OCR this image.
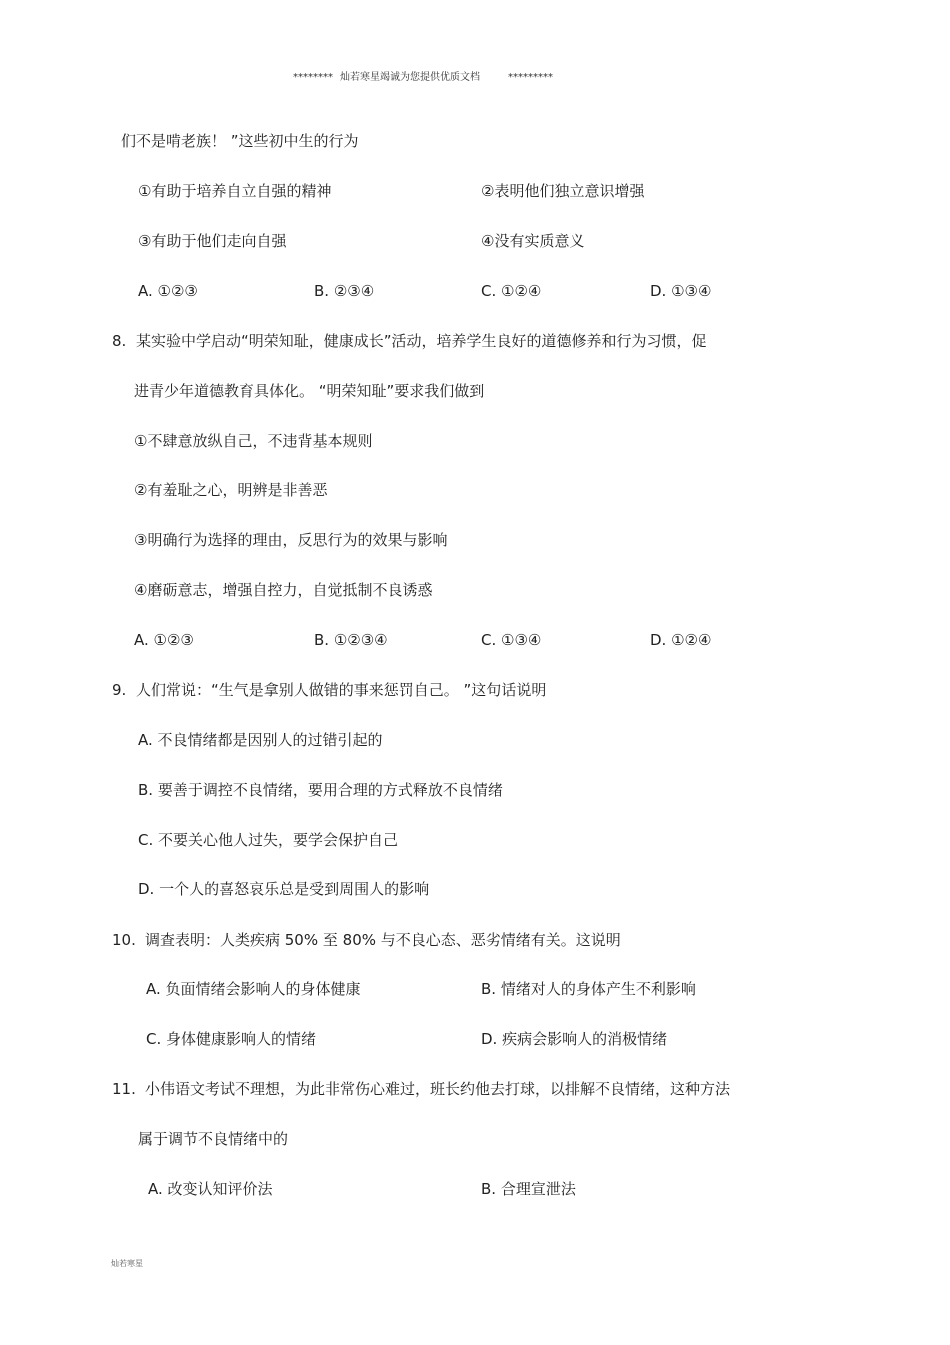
******** 灿若寒星竭诚为您提供优质文档	*********
们不是啃老族！ ”这些初中生的行为
①有助于培养自立自强的精神	②表明他们独立意识增强
③有助于他们走向自强	④没有实质意义
A. ①②③	B. ②③④	C. ①②④	D. ①③④
8. 某实验中学启动“明荣知耻，健康成长”活动，培养学生良好的道德修养和行为习惯，促
进青少年道德教育具体化。 “明荣知耻”要求我们做到
①不肆意放纵自己，不违背基本规则
②有羞耻之心，明辨是非善恶
③明确行为选择的理由，反思行为的效果与影响
④磨砺意志，增强自控力，自觉抵制不良诱惑
A. ①②③	B. ①②③④	C. ①③④	D. ①②④
9. 人们常说：“生气是拿别人做错的事来惩罚自己。 ”这句话说明
A. 不良情绪都是因别人的过错引起的
B. 要善于调控不良情绪，要用合理的方式释放不良情绪
C. 不要关心他人过失，要学会保护自己
D. 一个人的喜怒哀乐总是受到周围人的影响
10. 调查表明：人类疾病 50% 至 80% 与不良心态、恶劣情绪有关。这说明
A. 负面情绪会影响人的身体健康	B. 情绪对人的身体产生不利影响
C. 身体健康影响人的情绪	D. 疾病会影响人的消极情绪
11. 小伟语文考试不理想，为此非常伤心难过，班长约他去打球，以排解不良情绪，这种方法
属于调节不良情绪中的
A. 改变认知评价法	B. 合理宣泄法
灿若寒星
